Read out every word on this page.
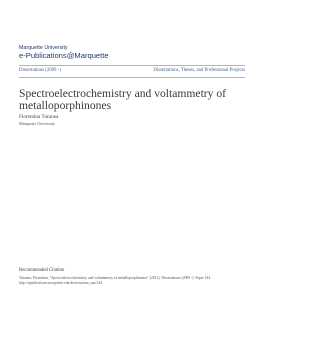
Marquette University
e-Publications@Marquette
Dissertations (2009 -)	Dissertations, Theses, and Professional Projects
Spectroelectrochemistry and voltammetry of metalloporphinones
Florentina Tutunea
Marquette University
Recommended Citation
Tutunea, Florentina, "Spectroelectrochemistry and voltammetry of metalloporphinones" (2011). Dissertations (2009 -). Paper 144.
http://epublications.marquette.edu/dissertations_mu/144
